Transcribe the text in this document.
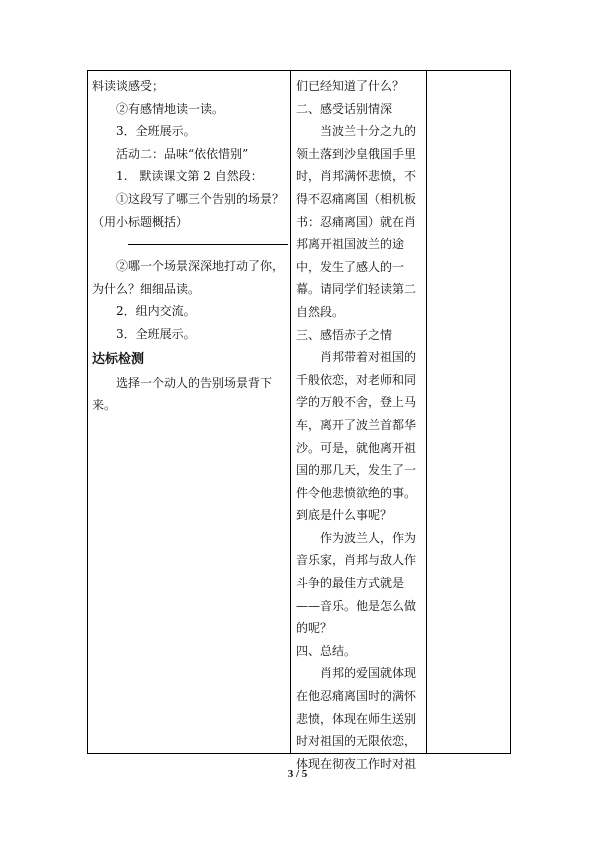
料读谈感受；

②有感情地读一读。

3．全班展示。

活动二：品味“依依惜别”

1.　默读课文第 2 自然段：

①这段写了哪三个告别的场景？（用小标题概括）

②哪一个场景深深地打动了你，为什么？细细品读。

2．组内交流。

3．全班展示。

达标检测

选择一个动人的告别场景背下来。

们已经知道了什么？

二、感受话别情深

当波兰十分之九的领土落到沙皇俄国手里时，肖邦满怀悲愤，不得不忍痛离国（相机板书：忍痛离国）就在肖邦离开祖国波兰的途中，发生了感人的一幕。请同学们轻读第二自然段。

三、感悟赤子之情

肖邦带着对祖国的千般依恋，对老师和同学的万般不舍，登上马车，离开了波兰首都华沙。可是，就他离开祖国的那几天，发生了一件令他悲愤欲绝的事。到底是什么事呢？

作为波兰人，作为音乐家，肖邦与敌人作斗争的最佳方式就是——音乐。他是怎么做的呢？

四、总结。

肖邦的爱国就体现在他忍痛离国时的满怀悲愤，体现在师生送别时对祖国的无限依恋，体现在彻夜工作时对祖

3 / 5
